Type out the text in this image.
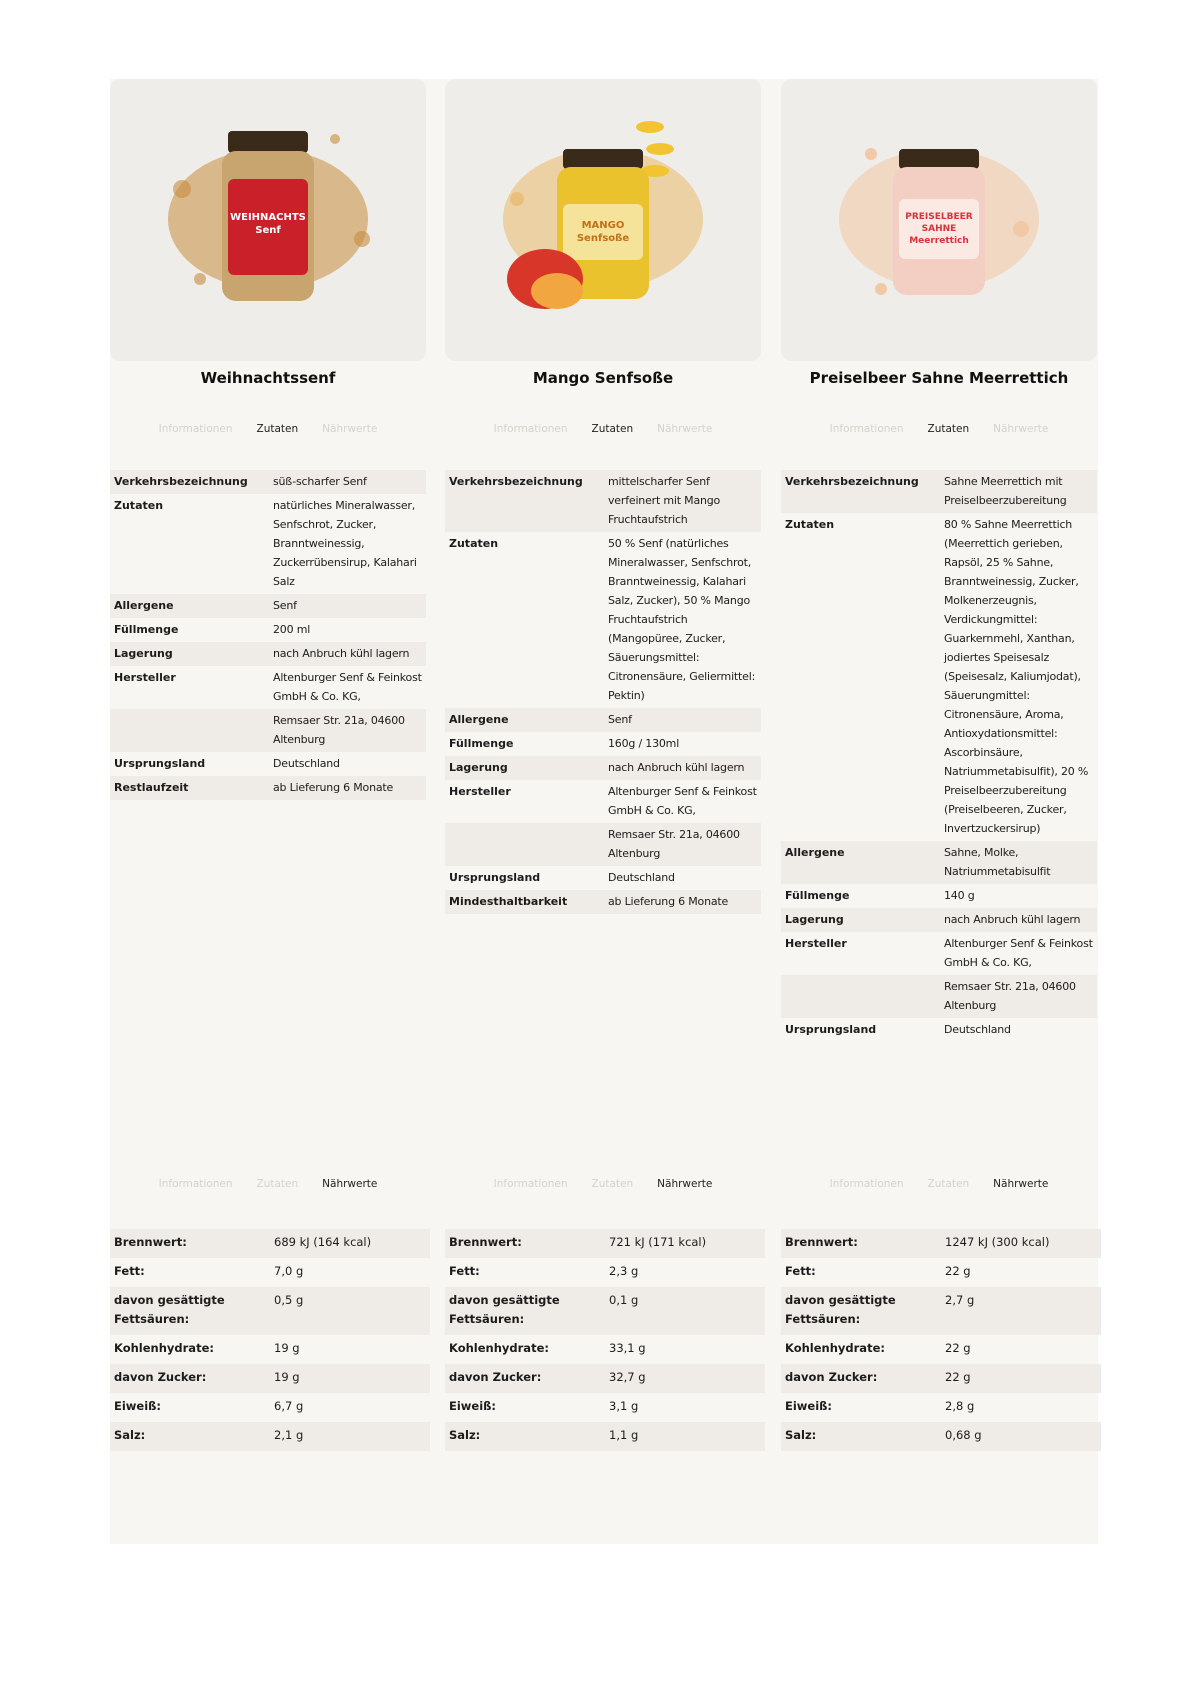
WEIHNACHTS Senf
Weihnachtssenf
Informationen Zutaten Nährwerte
Verkehrsbezeichnung	süß-scharfer Senf
Zutaten	natürliches Mineralwasser, Senfschrot, Zucker, Branntweinessig, Zuckerrübensirup, Kalahari Salz
Allergene	Senf
Füllmenge	200 ml
Lagerung	nach Anbruch kühl lagern
Hersteller	Altenburger Senf & Feinkost GmbH & Co. KG,
Remsaer Str. 21a, 04600 Altenburg
Ursprungsland	Deutschland
Restlaufzeit	ab Lieferung 6 Monate
Informationen Zutaten Nährwerte
Brennwert:	689 kJ (164 kcal)
Fett:	7,0 g
davon gesättigte Fettsäuren:
0,5 g
Kohlenhydrate:	19 g
davon Zucker:	19 g
Eiweiß:	6,7 g
Salz:	2,1 g
MANGO Senfsoße
Mango Senfsoße
Informationen Zutaten Nährwerte
Verkehrsbezeichnung	mittelscharfer Senf verfeinert mit Mango Fruchtaufstrich
Zutaten	50 % Senf (natürliches Mineralwasser, Senfschrot, Branntweinessig, Kalahari Salz, Zucker), 50 % Mango Fruchtaufstrich (Mangopüree, Zucker, Säuerungsmittel: Citronensäure, Geliermittel: Pektin)
Allergene	Senf
Füllmenge	160g / 130ml
Lagerung	nach Anbruch kühl lagern
Hersteller	Altenburger Senf & Feinkost GmbH & Co. KG,
Remsaer Str. 21a, 04600 Altenburg
Ursprungsland	Deutschland
Mindesthaltbarkeit	ab Lieferung 6 Monate
Informationen Zutaten Nährwerte
Brennwert:	721 kJ (171 kcal)
Fett:	2,3 g
davon gesättigte Fettsäuren:
0,1 g
Kohlenhydrate:	33,1 g
davon Zucker:	32,7 g
Eiweiß:	3,1 g
Salz:	1,1 g
PREISELBEER SAHNE Meerrettich
Preiselbeer Sahne Meerrettich
Informationen Zutaten Nährwerte
Verkehrsbezeichnung	Sahne Meerrettich mit Preiselbeerzubereitung
Zutaten	80 % Sahne Meerrettich (Meerrettich gerieben, Rapsöl, 25 % Sahne, Branntweinessig, Zucker, Molkenerzeugnis, Verdickungmittel: Guarkernmehl, Xanthan, jodiertes Speisesalz (Speisesalz, Kaliumjodat), Säuerungmittel: Citronensäure, Aroma, Antioxydationsmittel: Ascorbinsäure, Natriummetabisulfit), 20 % Preiselbeerzubereitung (Preiselbeeren, Zucker, Invertzuckersirup)
Allergene	Sahne, Molke, Natriummetabisulfit
Füllmenge	140 g
Lagerung	nach Anbruch kühl lagern
Hersteller	Altenburger Senf & Feinkost GmbH & Co. KG,
Remsaer Str. 21a, 04600 Altenburg
Ursprungsland	Deutschland
Informationen Zutaten Nährwerte
Brennwert:	1247 kJ (300 kcal)
Fett:	22 g
davon gesättigte Fettsäuren:
2,7 g
Kohlenhydrate:	22 g
davon Zucker:	22 g
Eiweiß:	2,8 g
Salz:	0,68 g
